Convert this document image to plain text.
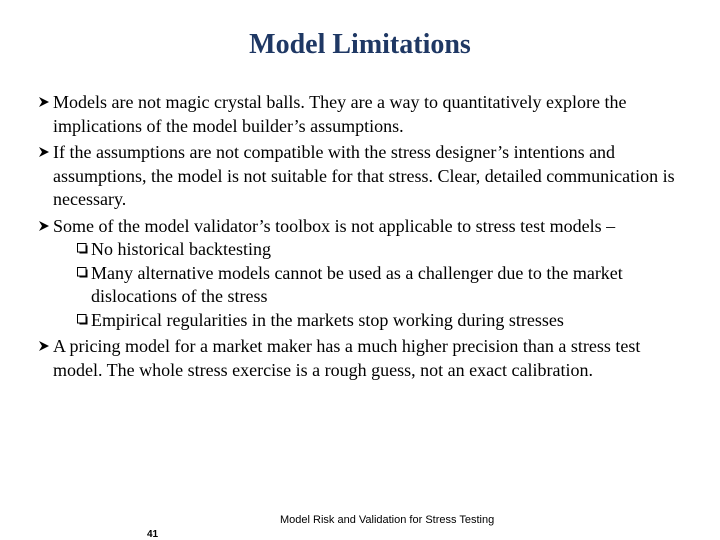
Model Limitations
Models are not magic crystal balls. They are a way to quantitatively explore the implications of the model builder’s assumptions.
If the assumptions are not compatible with the stress designer’s intentions and assumptions, the model is not suitable for that stress. Clear, detailed communication is necessary.
Some of the model validator’s toolbox is not applicable to stress test models –
No historical backtesting
Many alternative models cannot be used as a challenger due to the market dislocations of the stress
Empirical regularities in the markets stop working during stresses
A pricing model for a market maker has a much higher precision than a stress test model. The whole stress exercise is a rough guess, not an exact calibration.
Model Risk and Validation for Stress Testing
41
